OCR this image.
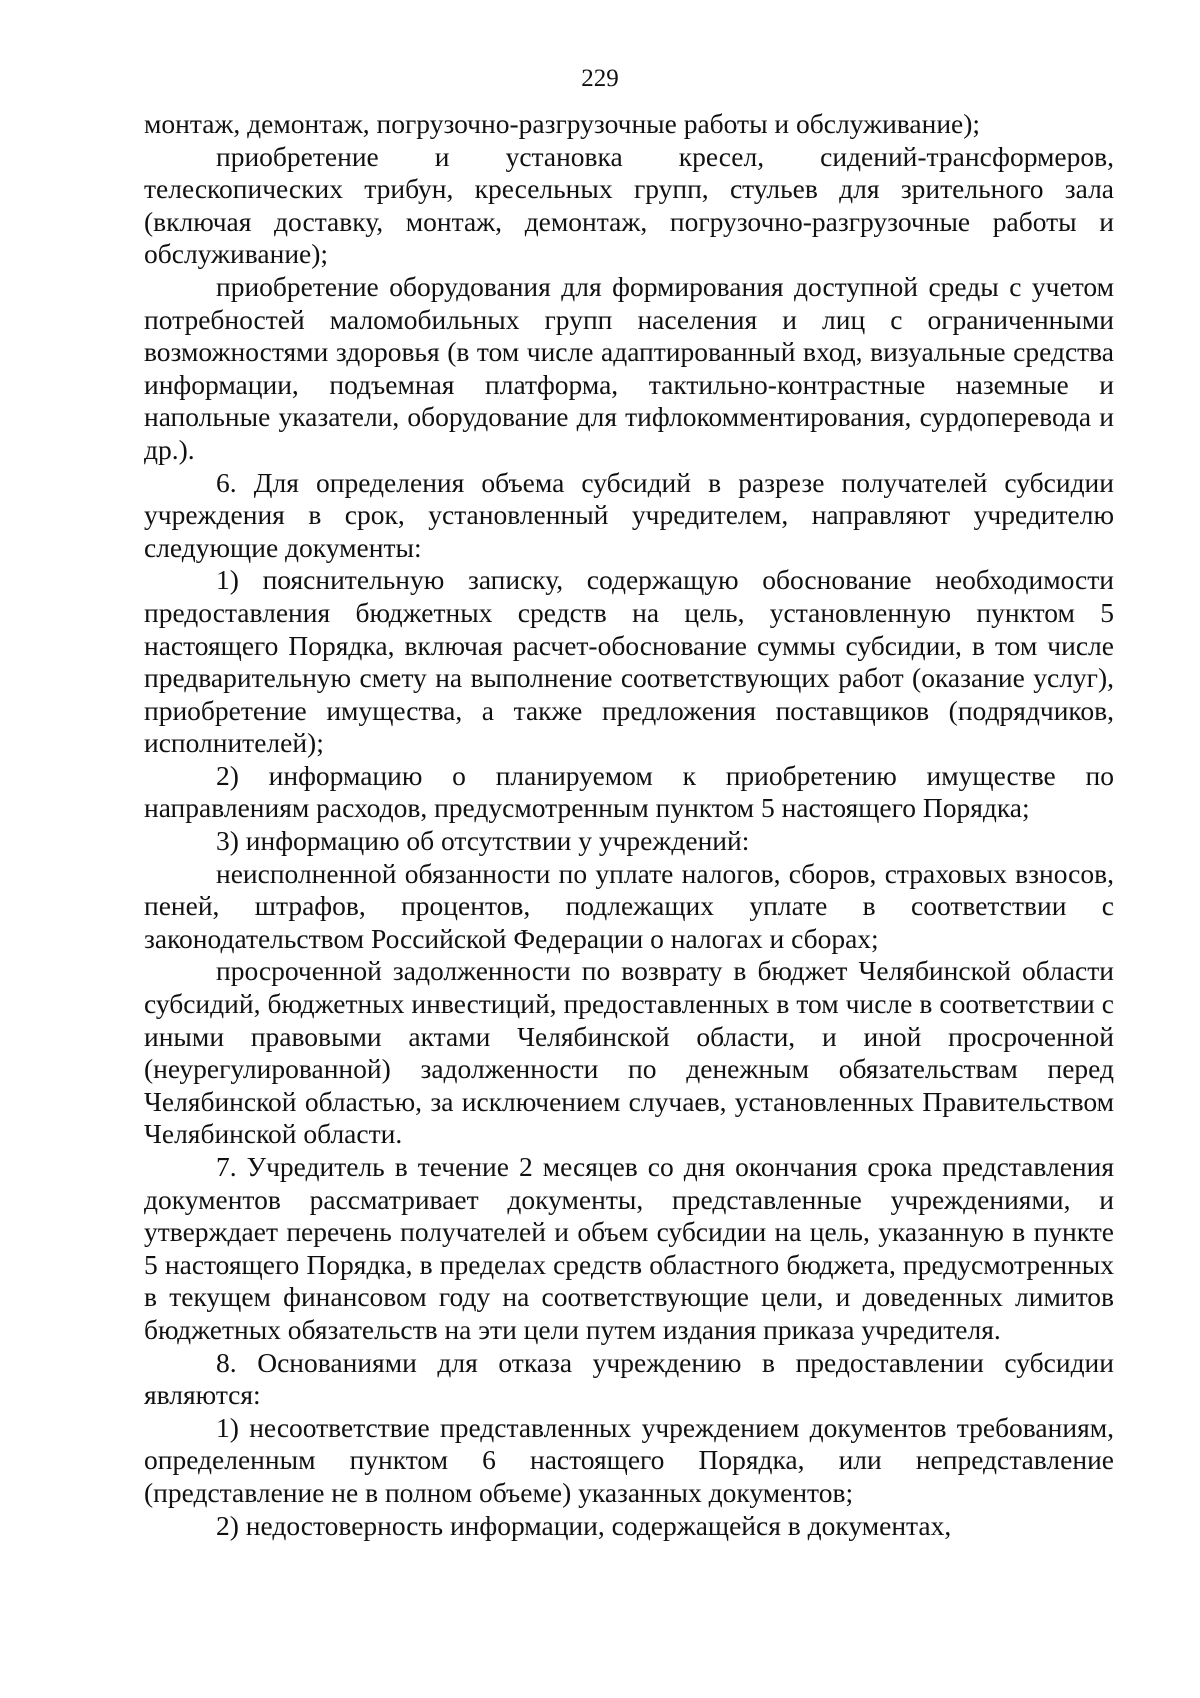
229

монтаж, демонтаж, погрузочно-разгрузочные работы и обслуживание);

приобретение и установка кресел, сидений-трансформеров, телескопических трибун, кресельных групп, стульев для зрительного зала (включая доставку, монтаж, демонтаж, погрузочно-разгрузочные работы и обслуживание);

приобретение оборудования для формирования доступной среды с учетом потребностей маломобильных групп населения и лиц с ограниченными возможностями здоровья (в том числе адаптированный вход, визуальные средства информации, подъемная платформа, тактильно-контрастные наземные и напольные указатели, оборудование для тифлокомментирования, сурдоперевода и др.).

6. Для определения объема субсидий в разрезе получателей субсидии учреждения в срок, установленный учредителем, направляют учредителю следующие документы:

1) пояснительную записку, содержащую обоснование необходимости предоставления бюджетных средств на цель, установленную пунктом 5 настоящего Порядка, включая расчет-обоснование суммы субсидии, в том числе предварительную смету на выполнение соответствующих работ (оказание услуг), приобретение имущества, а также предложения поставщиков (подрядчиков, исполнителей);

2) информацию о планируемом к приобретению имуществе по направлениям расходов, предусмотренным пунктом 5 настоящего Порядка;

3) информацию об отсутствии у учреждений:

неисполненной обязанности по уплате налогов, сборов, страховых взносов, пеней, штрафов, процентов, подлежащих уплате в соответствии с законодательством Российской Федерации о налогах и сборах;

просроченной задолженности по возврату в бюджет Челябинской области субсидий, бюджетных инвестиций, предоставленных в том числе в соответствии с иными правовыми актами Челябинской области, и иной просроченной (неурегулированной) задолженности по денежным обязательствам перед Челябинской областью, за исключением случаев, установленных Правительством Челябинской области.

7. Учредитель в течение 2 месяцев со дня окончания срока представления документов рассматривает документы, представленные учреждениями, и утверждает перечень получателей и объем субсидии на цель, указанную в пункте 5 настоящего Порядка, в пределах средств областного бюджета, предусмотренных в текущем финансовом году на соответствующие цели, и доведенных лимитов бюджетных обязательств на эти цели путем издания приказа учредителя.

8. Основаниями для отказа учреждению в предоставлении субсидии являются:

1) несоответствие представленных учреждением документов требованиям, определенным пунктом 6 настоящего Порядка, или непредставление (представление не в полном объеме) указанных документов;

2) недостоверность информации, содержащейся в документах,
